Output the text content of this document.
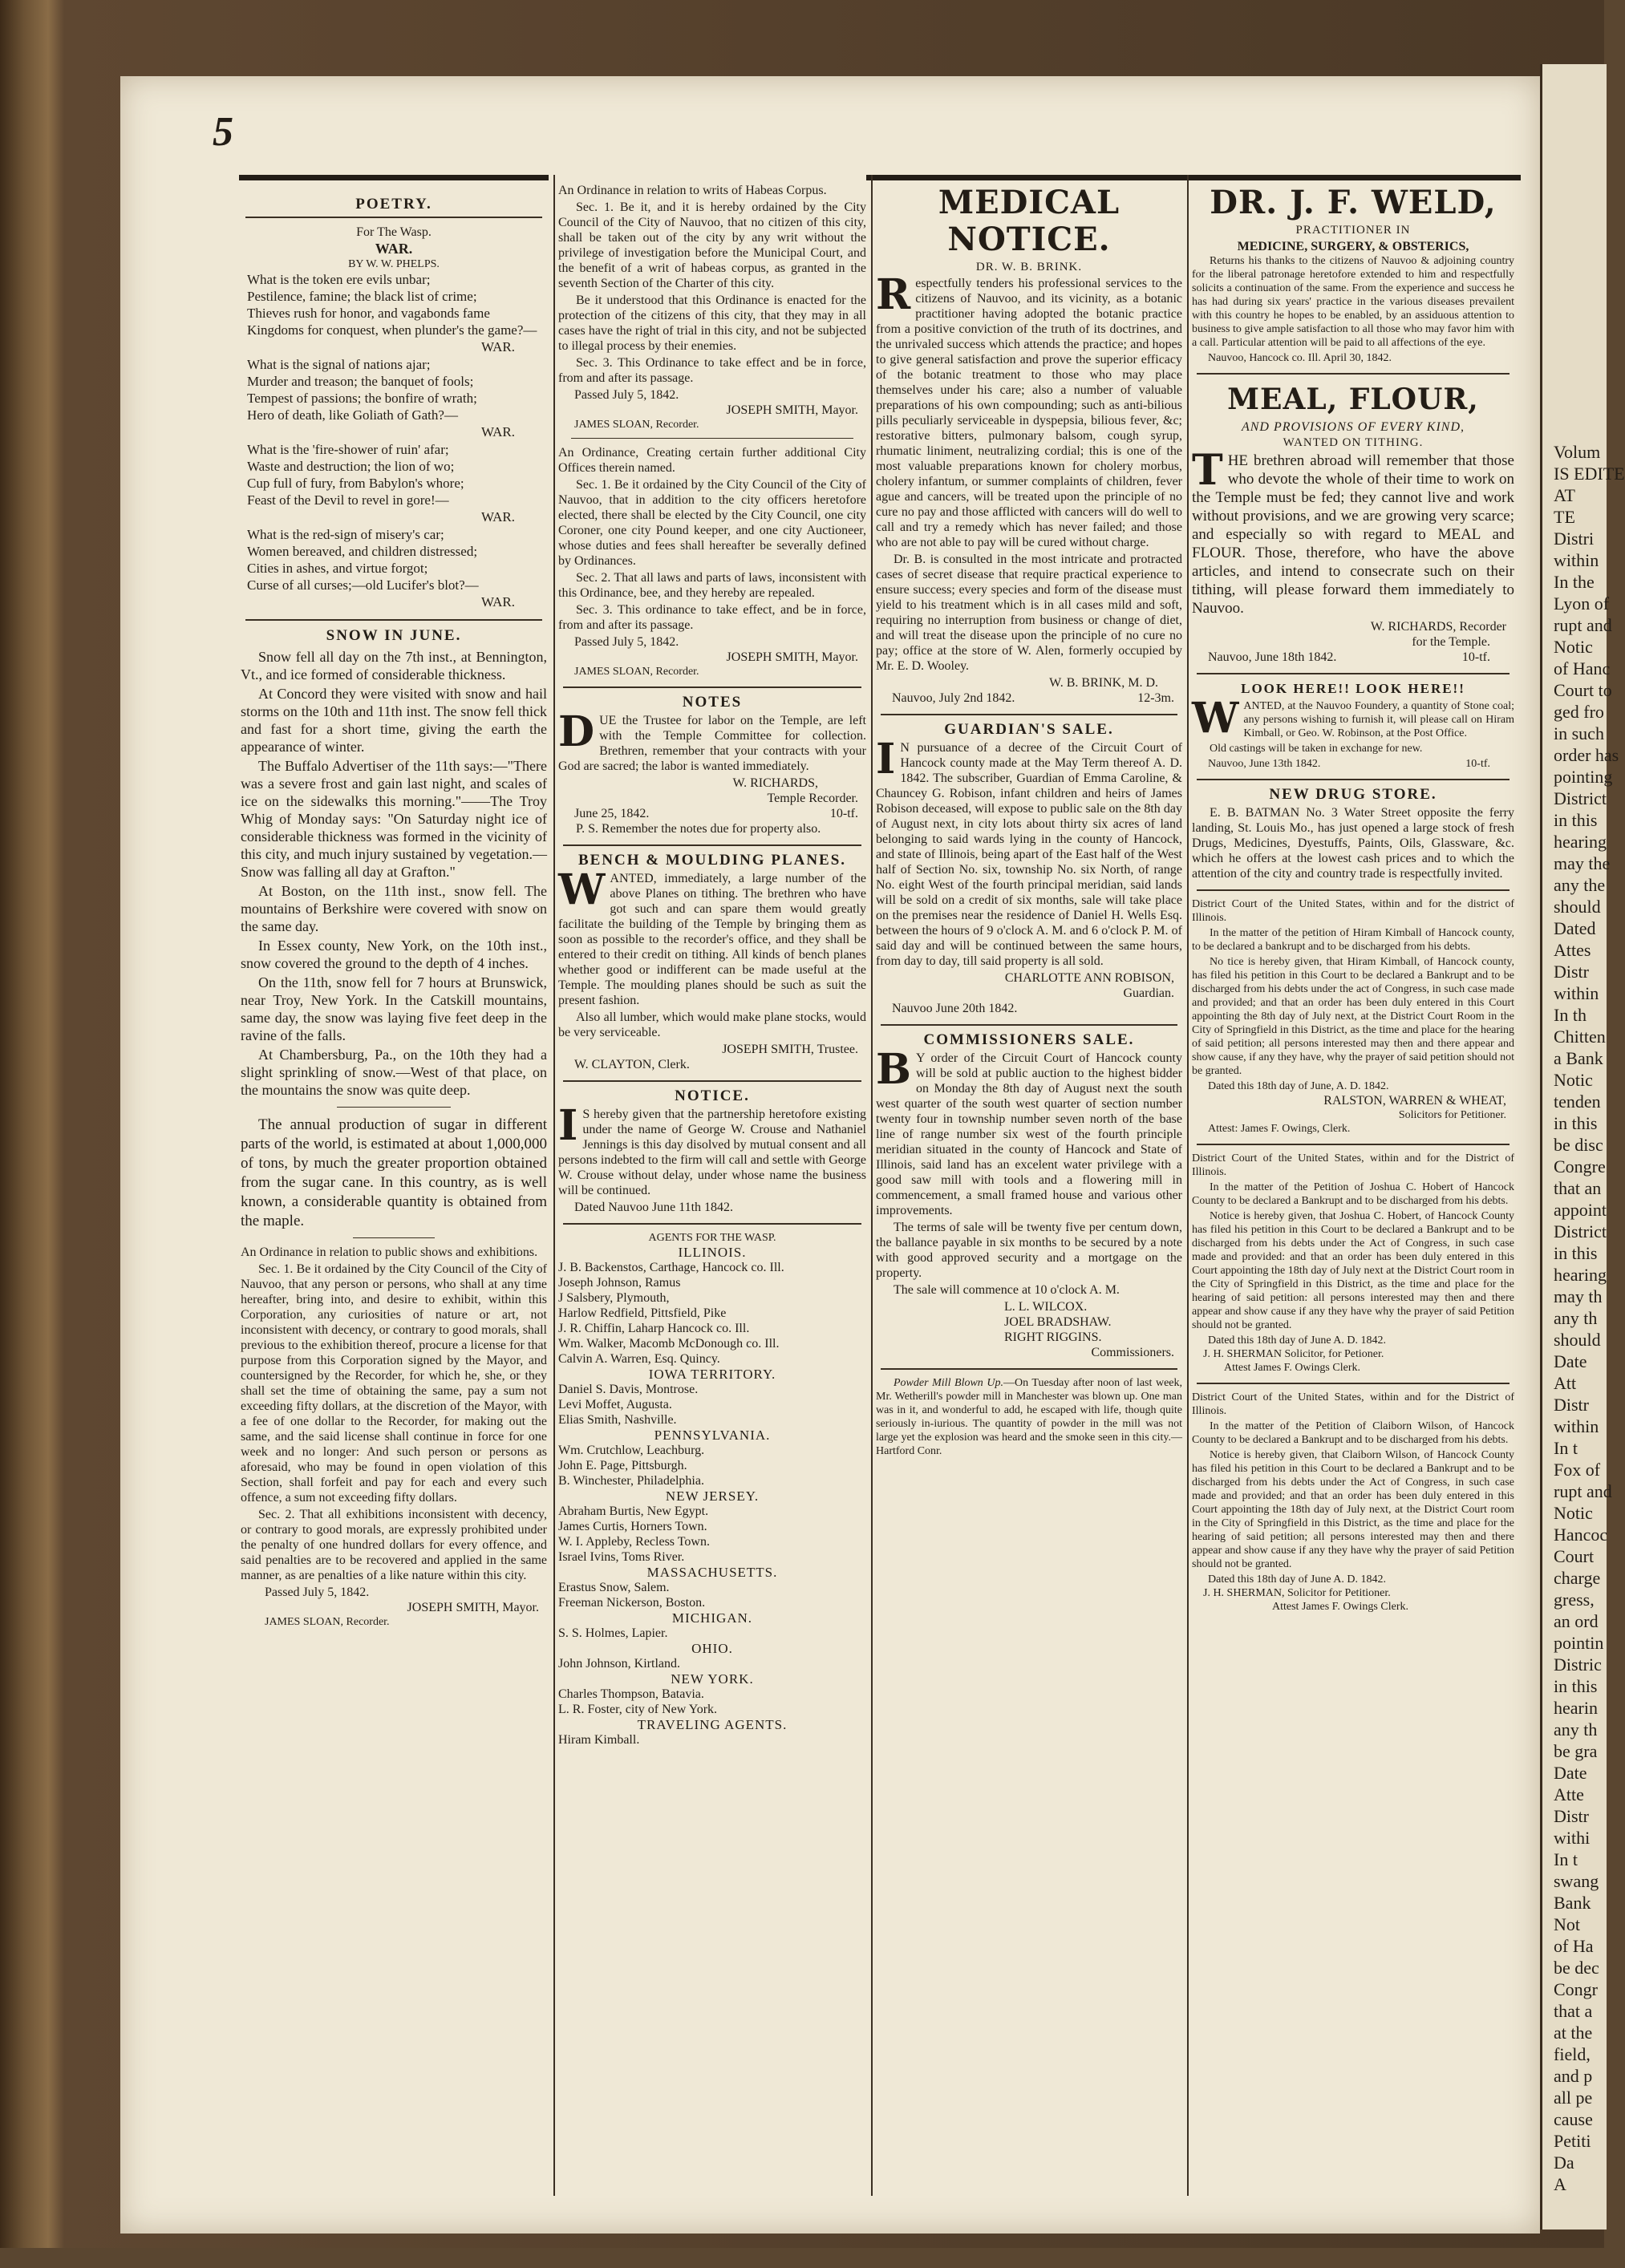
Volum
IS EDITE
AT
TE
Distri
within
In the
Lyon of
rupt and
Notic
of Hanc
Court to
ged fro
in such
order has
pointing
District
in this
hearing
may the
any the
should
Dated
Attes
Distr
within
In th
Chitten
a Bank
Notic
tenden
in this
be disc
Congre
that an
appoint
District
in this
hearing
may th
any th
should
Date
Att
Distr
within
In t
Fox of
rupt and
Notic
Hancoc
Court
charge
gress,
an ord
pointin
Distric
in this
hearin
any th
be gra
Date
Atte
Distr
withi
In t
swang
Bank
Not
of Ha
be dec
Congr
that a
at the
field,
and p
all pe
cause
Petiti
Da
A
5
POETRY.
For The Wasp.
WAR.
BY W. W. PHELPS.
What is the token ere evils unbar;
Pestilence, famine; the black list of crime;
Thieves rush for honor, and vagabonds fame
Kingdoms for conquest, when plunder's the game?—
WAR.
What is the signal of nations ajar;
Murder and treason; the banquet of fools;
Tempest of passions; the bonfire of wrath;
Hero of death, like Goliath of Gath?—
WAR.
What is the 'fire-shower of ruin' afar;
Waste and destruction; the lion of wo;
Cup full of fury, from Babylon's whore;
Feast of the Devil to revel in gore!—
WAR.
What is the red-sign of misery's car;
Women bereaved, and children distressed;
Cities in ashes, and virtue forgot;
Curse of all curses;—old Lucifer's blot?—
WAR.
SNOW IN JUNE.

Snow fell all day on the 7th inst., at Bennington, Vt., and ice formed of considerable thickness.

At Concord they were visited with snow and hail storms on the 10th and 11th inst. The snow fell thick and fast for a short time, giving the earth the appearance of winter.

The Buffalo Advertiser of the 11th says:—"There was a severe frost and gain last night, and scales of ice on the sidewalks this morning."——The Troy Whig of Monday says: "On Saturday night ice of considerable thickness was formed in the vicinity of this city, and much injury sustained by vegetation.—Snow was falling all day at Grafton."

At Boston, on the 11th inst., snow fell. The mountains of Berkshire were covered with snow on the same day.

In Essex county, New York, on the 10th inst., snow covered the ground to the depth of 4 inches.

On the 11th, snow fell for 7 hours at Brunswick, near Troy, New York. In the Catskill mountains, same day, the snow was laying five feet deep in the ravine of the falls.

At Chambersburg, Pa., on the 10th they had a slight sprinkling of snow.—West of that place, on the mountains the snow was quite deep.

The annual production of sugar in different parts of the world, is estimated at about 1,000,000 of tons, by much the greater proportion obtained from the sugar cane. In this country, as is well known, a considerable quantity is obtained from the maple.

An Ordinance in relation to public shows and exhibitions.

Sec. 1. Be it ordained by the City Council of the City of Nauvoo, that any person or persons, who shall at any time hereafter, bring into, and desire to exhibit, within this Corporation, any curiosities of nature or art, not inconsistent with decency, or contrary to good morals, shall previous to the exhibition thereof, procure a license for that purpose from this Corporation signed by the Mayor, and countersigned by the Recorder, for which he, she, or they shall set the time of obtaining the same, pay a sum not exceeding fifty dollars, at the discretion of the Mayor, with a fee of one dollar to the Recorder, for making out the same, and the said license shall continue in force for one week and no longer: And such person or persons as aforesaid, who may be found in open violation of this Section, shall forfeit and pay for each and every such offence, a sum not exceeding fifty dollars.

Sec. 2. That all exhibitions inconsistent with decency, or contrary to good morals, are expressly prohibited under the penalty of one hundred dollars for every offence, and said penalties are to be recovered and applied in the same manner, as are penalties of a like nature within this city.

Passed July 5, 1842.
JOSEPH SMITH, Mayor.
JAMES SLOAN, Recorder.

An Ordinance in relation to writs of Habeas Corpus.

Sec. 1. Be it, and it is hereby ordained by the City Council of the City of Nauvoo, that no citizen of this city, shall be taken out of the city by any writ without the privilege of investigation before the Municipal Court, and the benefit of a writ of habeas corpus, as granted in the seventh Section of the Charter of this city.

Be it understood that this Ordinance is enacted for the protection of the citizens of this city, that they may in all cases have the right of trial in this city, and not be subjected to illegal process by their enemies.

Sec. 3. This Ordinance to take effect and be in force, from and after its passage.

Passed July 5, 1842.
JOSEPH SMITH, Mayor.
JAMES SLOAN, Recorder.

An Ordinance, Creating certain further additional City Offices therein named.

Sec. 1. Be it ordained by the City Council of the City of Nauvoo, that in addition to the city officers heretofore elected, there shall be elected by the City Council, one city Coroner, one city Pound keeper, and one city Auctioneer, whose duties and fees shall hereafter be severally defined by Ordinances.

Sec. 2. That all laws and parts of laws, inconsistent with this Ordinance, bee, and they hereby are repealed.

Sec. 3. This ordinance to take effect, and be in force, from and after its passage.

Passed July 5, 1842.
JOSEPH SMITH, Mayor.
JAMES SLOAN, Recorder.
NOTES

DUE the Trustee for labor on the Temple, are left with the Temple Committee for collection. Brethren, remember that your contracts with your God are sacred; the labor is wanted immediately.

W. RICHARDS,
Temple Recorder.
June 25, 1842.	10-tf.

P. S. Remember the notes due for property also.

BENCH & MOULDING PLANES.

WANTED, immediately, a large number of the above Planes on tithing. The brethren who have got such and can spare them would greatly facilitate the building of the Temple by bringing them as soon as possible to the recorder's office, and they shall be entered to their credit on tithing. All kinds of bench planes whether good or indifferent can be made useful at the Temple. The moulding planes should be such as suit the present fashion.

Also all lumber, which would make plane stocks, would be very serviceable.

JOSEPH SMITH, Trustee.
W. CLAYTON, Clerk.
NOTICE.

I S hereby given that the partnership heretofore existing under the name of George W. Crouse and Nathaniel Jennings is this day disolved by mutual consent and all persons indebted to the firm will call and settle with George W. Crouse without delay, under whose name the business will be continued.

Dated Nauvoo June 11th 1842.
AGENTS FOR THE WASP.
ILLINOIS.
J. B. Backenstos, Carthage, Hancock co. Ill.
Joseph Johnson, Ramus
J Salsbery, Plymouth,
Harlow Redfield, Pittsfield, Pike
J. R. Chiffin, Laharp Hancock co. Ill.
Wm. Walker, Macomb McDonough co. Ill.
Calvin A. Warren, Esq. Quincy.
IOWA TERRITORY.
Daniel S. Davis, Montrose.
Levi Moffet, Augusta.
Elias Smith, Nashville.
PENNSYLVANIA.
Wm. Crutchlow, Leachburg.
John E. Page, Pittsburgh.
B. Winchester, Philadelphia.
NEW JERSEY.
Abraham Burtis, New Egypt.
James Curtis, Horners Town.
W. I. Appleby, Recless Town.
Israel Ivins, Toms River.
MASSACHUSETTS.
Erastus Snow, Salem.
Freeman Nickerson, Boston.
MICHIGAN.
S. S. Holmes, Lapier.
OHIO.
John Johnson, Kirtland.
NEW YORK.
Charles Thompson, Batavia.
L. R. Foster, city of New York.
TRAVELING AGENTS.
Hiram Kimball.
MEDICAL NOTICE.
DR. W. B. BRINK.

Respectfully tenders his professional services to the citizens of Nauvoo, and its vicinity, as a botanic practitioner having adopted the botanic practice from a positive conviction of the truth of its doctrines, and the unrivaled success which attends the practice; and hopes to give general satisfaction and prove the superior efficacy of the botanic treatment to those who may place themselves under his care; also a number of valuable preparations of his own compounding; such as anti-bilious pills peculiarly serviceable in dyspepsia, bilious fever, &c; restorative bitters, pulmonary balsom, cough syrup, rhumatic liniment, neutralizing cordial; this is one of the most valuable preparations known for cholery morbus, cholery infantum, or summer complaints of children, fever ague and cancers, will be treated upon the principle of no cure no pay and those afflicted with cancers will do well to call and try a remedy which has never failed; and those who are not able to pay will be cured without charge.

Dr. B. is consulted in the most intricate and protracted cases of secret disease that require practical experience to ensure success; every species and form of the disease must yield to his treatment which is in all cases mild and soft, requiring no interruption from business or change of diet, and will treat the disease upon the principle of no cure no pay; office at the store of W. Alen, formerly occupied by Mr. E. D. Wooley.

W. B. BRINK, M. D.
Nauvoo, July 2nd 1842.	12-3m.
GUARDIAN'S SALE.

I N pursuance of a decree of the Circuit Court of Hancock county made at the May Term thereof A. D. 1842. The subscriber, Guardian of Emma Caroline, & Chauncey G. Robison, infant children and heirs of James Robison deceased, will expose to public sale on the 8th day of August next, in city lots about thirty six acres of land belonging to said wards lying in the county of Hancock, and state of Illinois, being apart of the East half of the West half of Section No. six, township No. six North, of range No. eight West of the fourth principal meridian, said lands will be sold on a credit of six months, sale will take place on the premises near the residence of Daniel H. Wells Esq. between the hours of 9 o'clock A. M. and 6 o'clock P. M. of said day and will be continued between the same hours, from day to day, till said property is all sold.

CHARLOTTE ANN ROBISON,
Guardian.
Nauvoo June 20th 1842.
COMMISSIONERS SALE.

B Y order of the Circuit Court of Hancock county will be sold at public auction to the highest bidder on Monday the 8th day of August next the south west quarter of the south west quarter of section number twenty four in township number seven north of the base line of range number six west of the fourth principle meridian situated in the county of Hancock and State of Illinois, said land has an excelent water privilege with a good saw mill with tools and a flowering mill in commencement, a small framed house and various other improvements.

The terms of sale will be twenty five per centum down, the ballance payable in six months to be secured by a note with good approved security and a mortgage on the property.

The sale will commence at 10 o'clock A. M.

L. L. WILCOX.
JOEL BRADSHAW.
RIGHT RIGGINS.
Commissioners.

Powder Mill Blown Up.—On Tuesday after noon of last week, Mr. Wetherill's powder mill in Manchester was blown up. One man was in it, and wonderful to add, he escaped with life, though quite seriously in-iurious. The quantity of powder in the mill was not large yet the explosion was heard and the smoke seen in this city.—Hartford Conr.

DR. J. F. WELD,
PRACTITIONER IN
MEDICINE, SURGERY, & OBSTERICS,

Returns his thanks to the citizens of Nauvoo & adjoining country for the liberal patronage heretofore extended to him and respectfully solicits a continuation of the same. From the experience and success he has had during six years' practice in the various diseases prevailent with this country he hopes to be enabled, by an assiduous attention to business to give ample satisfaction to all those who may favor him with a call. Particular attention will be paid to all affections of the eye.

Nauvoo, Hancock co. Ill. April 30, 1842.
MEAL, FLOUR,
AND PROVISIONS OF EVERY KIND,
WANTED ON TITHING.

THE brethren abroad will remember that those who devote the whole of their time to work on the Temple must be fed; they cannot live and work without provisions, and we are growing very scarce; and especially so with regard to MEAL and FLOUR. Those, therefore, who have the above articles, and intend to consecrate such on their tithing, will please forward them immediately to Nauvoo.

W. RICHARDS, Recorder
for the Temple.
Nauvoo, June 18th 1842.	10-tf.
LOOK HERE!! LOOK HERE!!

WANTED, at the Nauvoo Foundery, a quantity of Stone coal; any persons wishing to furnish it, will please call on Hiram Kimball, or Geo. W. Robinson, at the Post Office.

Old castings will be taken in exchange for new.

Nauvoo, June 13th 1842.	10-tf.
NEW DRUG STORE.

E. B. BATMAN No. 3 Water Street opposite the ferry landing, St. Louis Mo., has just opened a large stock of fresh Drugs, Medicines, Dyestuffs, Paints, Oils, Glassware, &c. which he offers at the lowest cash prices and to which the attention of the city and country trade is respectfully invited.

District Court of the United States, within and for the district of Illinois.

In the matter of the petition of Hiram Kimball of Hancock county, to be declared a bankrupt and to be discharged from his debts.

No tice is hereby given, that Hiram Kimball, of Hancock county, has filed his petition in this Court to be declared a Bankrupt and to be discharged from his debts under the act of Congress, in such case made and provided; and that an order has been duly entered in this Court appointing the 8th day of July next, at the District Court Room in the City of Springfield in this District, as the time and place for the hearing of said petition; all persons interested may then and there appear and show cause, if any they have, why the prayer of said petition should not be granted.

Dated this 18th day of June, A. D. 1842.
RALSTON, WARREN & WHEAT,
Solicitors for Petitioner.
Attest: James F. Owings, Clerk.

District Court of the United States, within and for the District of Illinois.

In the matter of the Petition of Joshua C. Hobert of Hancock County to be declared a Bankrupt and to be discharged from his debts.

Notice is hereby given, that Joshua C. Hobert, of Hancock County has filed his petition in this Court to be declared a Bankrupt and to be discharged from his debts under the Act of Congress, in such case made and provided: and that an order has been duly entered in this Court appointing the 18th day of July next at the District Court room in the City of Springfield in this District, as the time and place for the hearing of said petition: all persons interested may then and there appear and show cause if any they have why the prayer of said Petition should not be granted.

Dated this 18th day of June A. D. 1842.
J. H. SHERMAN Solicitor, for Petioner.
Attest James F. Owings Clerk.

District Court of the United States, within and for the District of Illinois.

In the matter of the Petition of Claiborn Wilson, of Hancock County to be declared a Bankrupt and to be discharged from his debts.

Notice is hereby given, that Claiborn Wilson, of Hancock County has filed his petition in this Court to be declared a Bankrupt and to be discharged from his debts under the Act of Congress, in such case made and provided; and that an order has been duly entered in this Court appointing the 18th day of July next, at the District Court room in the City of Springfield in this District, as the time and place for the hearing of said petition; all persons interested may then and there appear and show cause if any they have why the prayer of said Petition should not be granted.

Dated this 18th day of June A. D. 1842.
J. H. SHERMAN, Solicitor for Petitioner.
Attest James F. Owings Clerk.
